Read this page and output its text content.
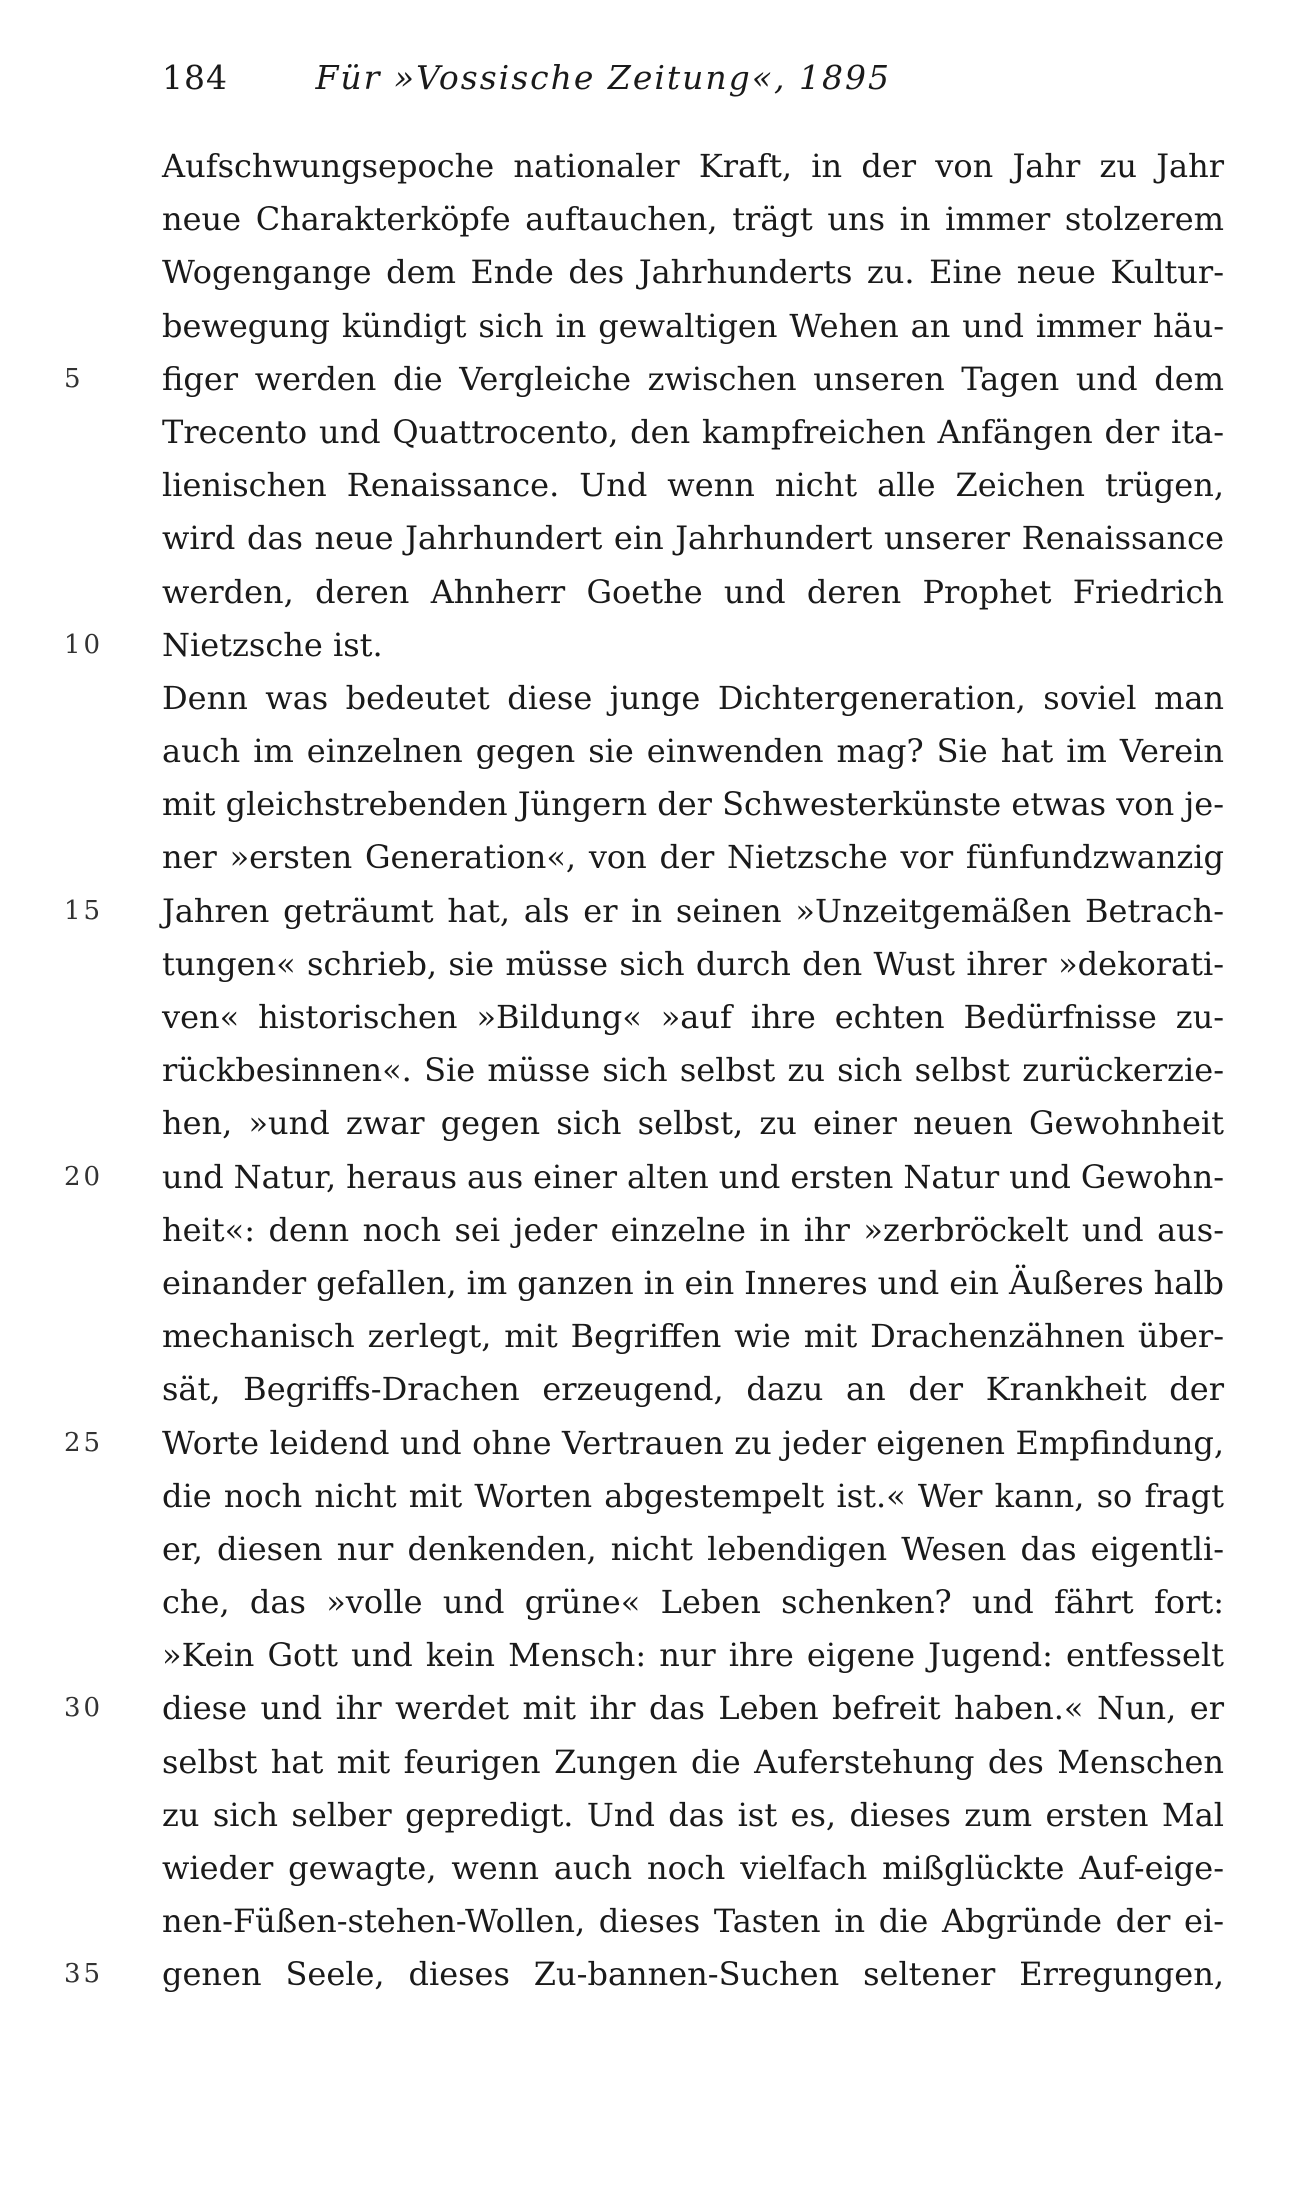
184	Für »Vossische Zeitung«, 1895
Aufschwungsepoche nationaler Kraft, in der von Jahr zu Jahr
neue Charakterköpfe auftauchen, trägt uns in immer stolzerem
Wogengange dem Ende des Jahrhunderts zu. Eine neue Kultur-
bewegung kündigt sich in gewaltigen Wehen an und immer häu-
5	figer werden die Vergleiche zwischen unseren Tagen und dem
Trecento und Quattrocento, den kampfreichen Anfängen der ita-
lienischen Renaissance. Und wenn nicht alle Zeichen trügen,
wird das neue Jahrhundert ein Jahrhundert unserer Renaissance
werden, deren Ahnherr Goethe und deren Prophet Friedrich
10 Nietzsche ist.
Denn was bedeutet diese junge Dichtergeneration, soviel man
auch im einzelnen gegen sie einwenden mag? Sie hat im Verein
mit gleichstrebenden Jüngern der Schwesterkünste etwas von je-
ner »ersten Generation«, von der Nietzsche vor fünfundzwanzig
15 Jahren geträumt hat, als er in seinen »Unzeitgemäßen Betrach-
tungen« schrieb, sie müsse sich durch den Wust ihrer »dekorati-
ven« historischen »Bildung« »auf ihre echten Bedürfnisse zu-
rückbesinnen«. Sie müsse sich selbst zu sich selbst zurückerzie-
hen, »und zwar gegen sich selbst, zu einer neuen Gewohnheit
20 und Natur, heraus aus einer alten und ersten Natur und Gewohn-
heit«: denn noch sei jeder einzelne in ihr »zerbröckelt und aus-
einander gefallen, im ganzen in ein Inneres und ein Äußeres halb
mechanisch zerlegt, mit Begriffen wie mit Drachenzähnen über-
sät, Begriffs-Drachen erzeugend, dazu an der Krankheit der
25 Worte leidend und ohne Vertrauen zu jeder eigenen Empfindung,
die noch nicht mit Worten abgestempelt ist.« Wer kann, so fragt
er, diesen nur denkenden, nicht lebendigen Wesen das eigentli-
che, das »volle und grüne« Leben schenken? und fährt fort:
»Kein Gott und kein Mensch: nur ihre eigene Jugend: entfesselt
30 diese und ihr werdet mit ihr das Leben befreit haben.« Nun, er
selbst hat mit feurigen Zungen die Auferstehung des Menschen
zu sich selber gepredigt. Und das ist es, dieses zum ersten Mal
wieder gewagte, wenn auch noch vielfach mißglückte Auf-eige-
nen-Füßen-stehen-Wollen, dieses Tasten in die Abgründe der ei-
35 genen Seele, dieses Zu-bannen-Suchen seltener Erregungen,
